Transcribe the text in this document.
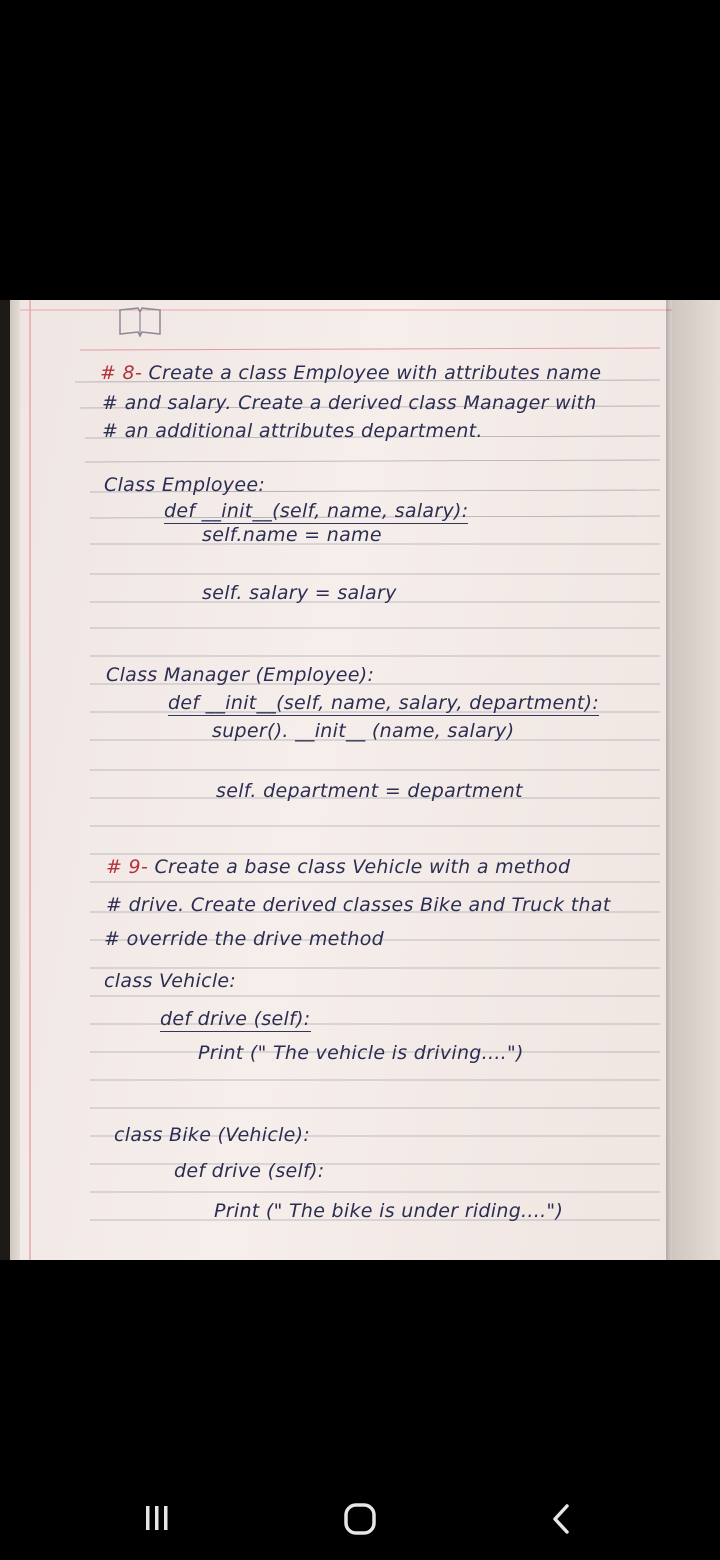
# 8- Create a class Employee with attributes name
# and salary. Create a derived class Manager with
# an additional attributes department.
Class Employee:
def __init__(self, name, salary):
self.name = name
self. salary = salary
Class Manager (Employee):
def __init__(self, name, salary, department):
super(). __init__ (name, salary)
self. department = department
# 9- Create a base class Vehicle with a method
# drive. Create derived classes Bike and Truck that
# override the drive method
class Vehicle:
def drive (self):
Print (" The vehicle is driving....")
class Bike (Vehicle):
def drive (self):
Print (" The bike is under riding....")
